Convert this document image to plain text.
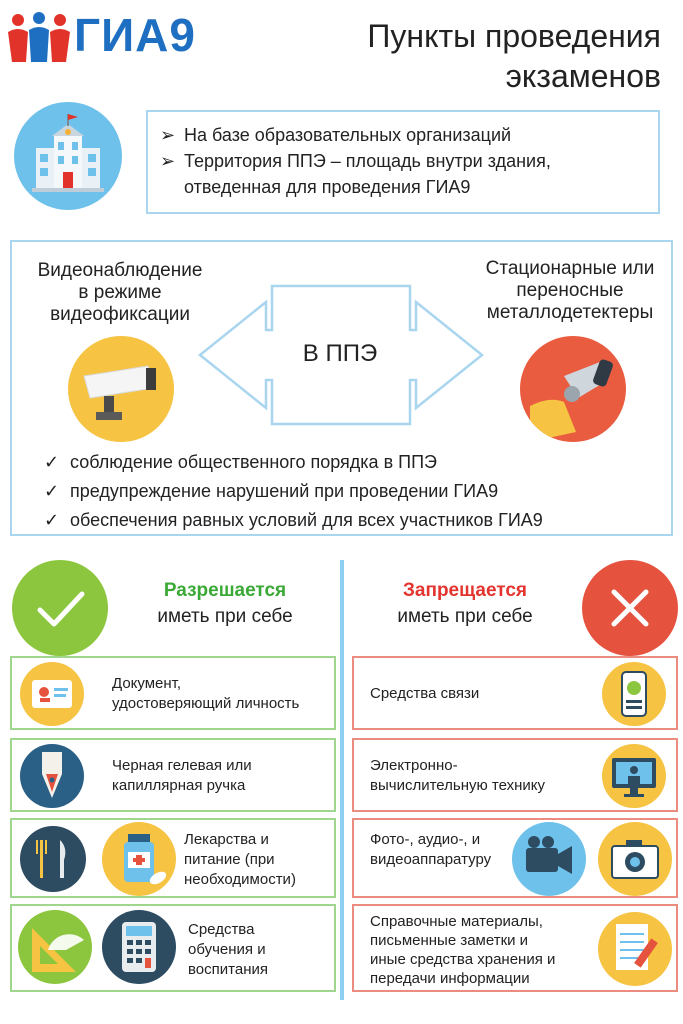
ГИА9	Пункты проведения
экзаменов
➢ На базе образовательных организаций
➢ Территория ППЭ – площадь внутри здания,
отведенная для проведения ГИА9
Видеонаблюдение
в режиме
видеофиксации
Стационарные или
переносные
металлодетектеры
В ППЭ
✓ соблюдение общественного порядка в ППЭ
✓ предупреждение нарушений при проведении ГИА9
✓ обеспечения равных условий для всех участников ГИА9
Разрешается
иметь при себе
Запрещается
иметь при себе
Документ,
удостоверяющий личность
Черная гелевая или
капиллярная ручка
Лекарства и
питание (при
необходимости)
Средства
обучения и
воспитания
Средства связи
Электронно-
вычислительную технику
Фото-, аудио-, и
видеоаппаратуру
Справочные материалы,
письменные заметки и
иные средства хранения и
передачи информации
